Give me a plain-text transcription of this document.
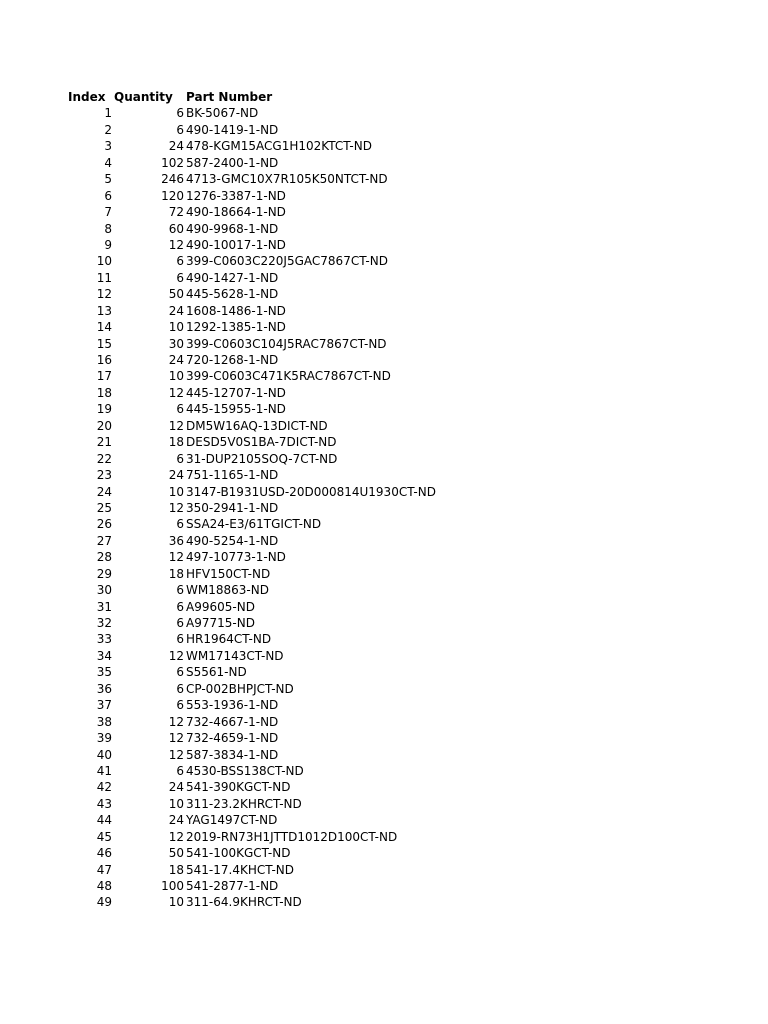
Index Quantity Part Number
1	6 BK-5067-ND
2	6 490-1419-1-ND
3	24 478-KGM15ACG1H102KTCT-ND
4	102 587-2400-1-ND
5	246 4713-GMC10X7R105K50NTCT-ND
6	120 1276-3387-1-ND
7	72 490-18664-1-ND
8	60 490-9968-1-ND
9	12 490-10017-1-ND
10	6 399-C0603C220J5GAC7867CT-ND
11	6 490-1427-1-ND
12	50 445-5628-1-ND
13	24 1608-1486-1-ND
14	10 1292-1385-1-ND
15	30 399-C0603C104J5RAC7867CT-ND
16	24 720-1268-1-ND
17	10 399-C0603C471K5RAC7867CT-ND
18	12 445-12707-1-ND
19	6 445-15955-1-ND
20	12 DM5W16AQ-13DICT-ND
21	18 DESD5V0S1BA-7DICT-ND
22	6 31-DUP2105SOQ-7CT-ND
23	24 751-1165-1-ND
24	10 3147-B1931USD-20D000814U1930CT-ND
25	12 350-2941-1-ND
26	6 SSA24-E3/61TGICT-ND
27	36 490-5254-1-ND
28	12 497-10773-1-ND
29	18 HFV150CT-ND
30	6 WM18863-ND
31	6 A99605-ND
32	6 A97715-ND
33	6 HR1964CT-ND
34	12 WM17143CT-ND
35	6 S5561-ND
36	6 CP-002BHPJCT-ND
37	6 553-1936-1-ND
38	12 732-4667-1-ND
39	12 732-4659-1-ND
40	12 587-3834-1-ND
41	6 4530-BSS138CT-ND
42	24 541-390KGCT-ND
43	10 311-23.2KHRCT-ND
44	24 YAG1497CT-ND
45	12 2019-RN73H1JTTD1012D100CT-ND
46	50 541-100KGCT-ND
47	18 541-17.4KHCT-ND
48	100 541-2877-1-ND
49	10 311-64.9KHRCT-ND
